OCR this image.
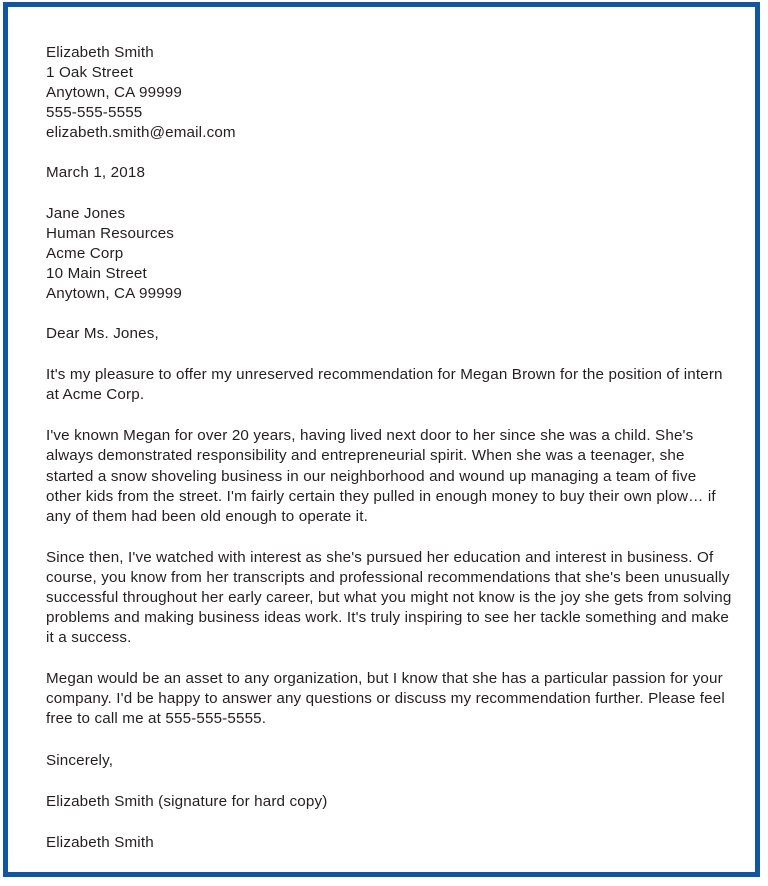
Elizabeth Smith
1 Oak Street
Anytown, CA 99999
555-555-5555
elizabeth.smith@email.com
March 1, 2018
Jane Jones
Human Resources
Acme Corp
10 Main Street
Anytown, CA 99999

Dear Ms. Jones,

It's my pleasure to offer my unreserved recommendation for Megan Brown for the position of intern at Acme Corp.

I've known Megan for over 20 years, having lived next door to her since she was a child. She's always demonstrated responsibility and entrepreneurial spirit. When she was a teenager, she started a snow shoveling business in our neighborhood and wound up managing a team of five other kids from the street. I'm fairly certain they pulled in enough money to buy their own plow… if any of them had been old enough to operate it.

Since then, I've watched with interest as she's pursued her education and interest in business. Of course, you know from her transcripts and professional recommendations that she's been unusually successful throughout her early career, but what you might not know is the joy she gets from solving problems and making business ideas work. It's truly inspiring to see her tackle something and make it a success.

Megan would be an asset to any organization, but I know that she has a particular passion for your company. I'd be happy to answer any questions or discuss my recommendation further. Please feel free to call me at 555-555-5555.

Sincerely,

Elizabeth Smith (signature for hard copy)

Elizabeth Smith
